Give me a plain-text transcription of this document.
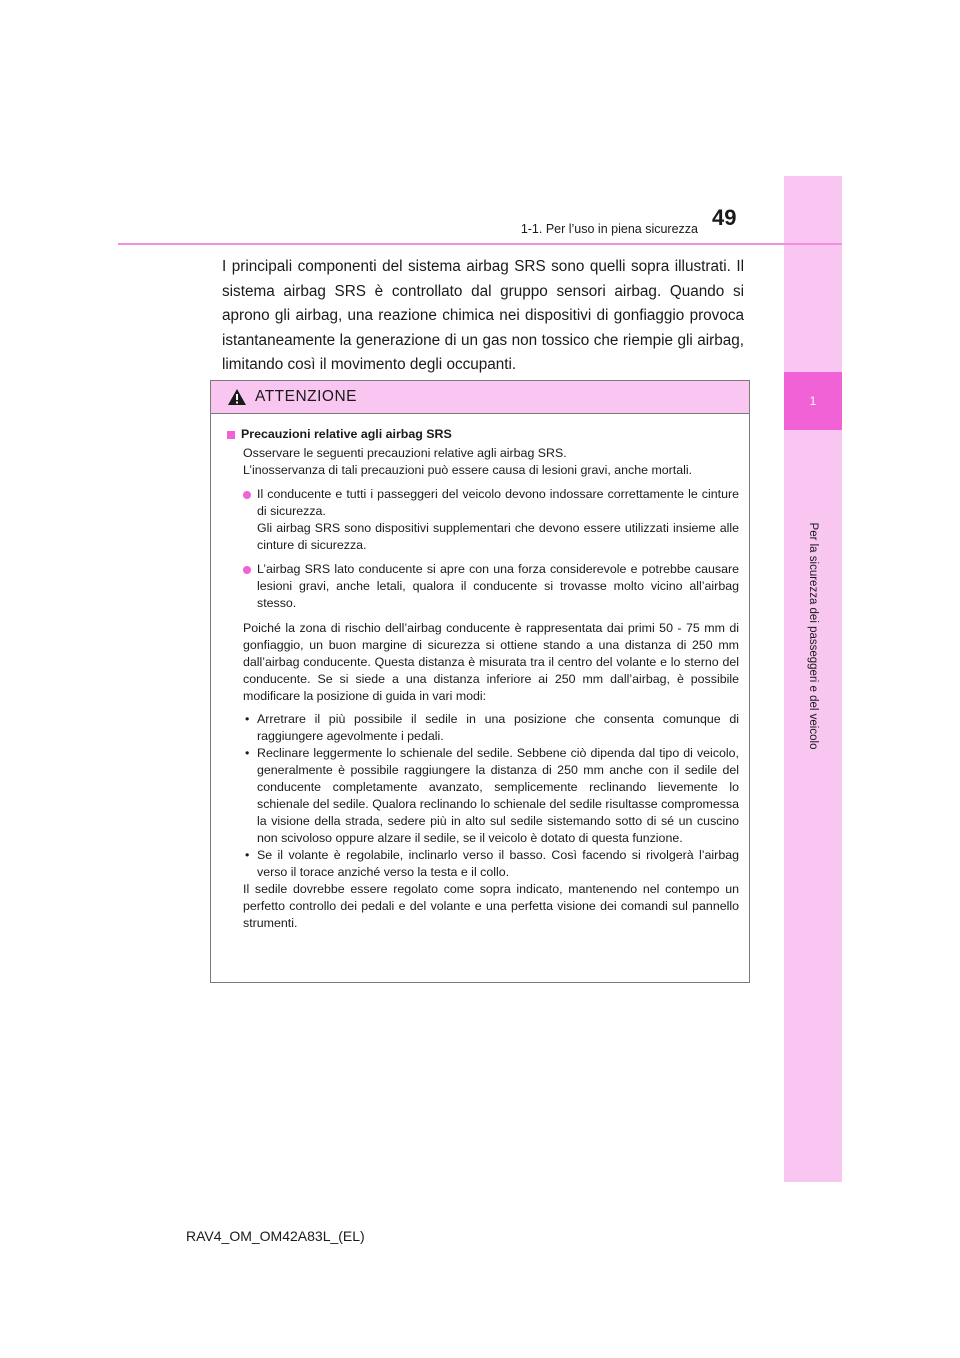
1
Per la sicurezza dei passeggeri e del veicolo
49
1-1. Per l’uso in piena sicurezza

I principali componenti del sistema airbag SRS sono quelli sopra illustrati. Il sistema airbag SRS è controllato dal gruppo sensori airbag. Quando si aprono gli airbag, una reazione chimica nei dispositivi di gonfiaggio provoca istantaneamente la generazione di un gas non tossico che riempie gli airbag, limitando così il movimento degli occupanti.

ATTENZIONE
Precauzioni relative agli airbag SRS

Osservare le seguenti precauzioni relative agli airbag SRS.

L’inosservanza di tali precauzioni può essere causa di lesioni gravi, anche mortali.

Il conducente e tutti i passeggeri del veicolo devono indossare correttamente le cinture di sicurezza.

Gli airbag SRS sono dispositivi supplementari che devono essere utilizzati insieme alle cinture di sicurezza.

L’airbag SRS lato conducente si apre con una forza considerevole e potrebbe causare lesioni gravi, anche letali, qualora il conducente si trovasse molto vicino all’airbag stesso.

Poiché la zona di rischio dell’airbag conducente è rappresentata dai primi 50 - 75 mm di gonfiaggio, un buon margine di sicurezza si ottiene stando a una distanza di 250 mm dall’airbag conducente. Questa distanza è misurata tra il centro del volante e lo sterno del conducente. Se si siede a una distanza inferiore ai 250 mm dall’airbag, è possibile modificare la posizione di guida in vari modi:

• Arretrare il più possibile il sedile in una posizione che consenta comunque di raggiungere agevolmente i pedali.
• Reclinare leggermente lo schienale del sedile. Sebbene ciò dipenda dal tipo di veicolo, generalmente è possibile raggiungere la distanza di 250 mm anche con il sedile del conducente completamente avanzato, semplicemente reclinando lievemente lo schienale del sedile. Qualora reclinando lo schienale del sedile risultasse compromessa la visione della strada, sedere più in alto sul sedile sistemando sotto di sé un cuscino non scivoloso oppure alzare il sedile, se il veicolo è dotato di questa funzione.
• Se il volante è regolabile, inclinarlo verso il basso. Così facendo si rivolgerà l’airbag verso il torace anziché verso la testa e il collo.

Il sedile dovrebbe essere regolato come sopra indicato, mantenendo nel contempo un perfetto controllo dei pedali e del volante e una perfetta visione dei comandi sul pannello strumenti.

RAV4_OM_OM42A83L_(EL)
